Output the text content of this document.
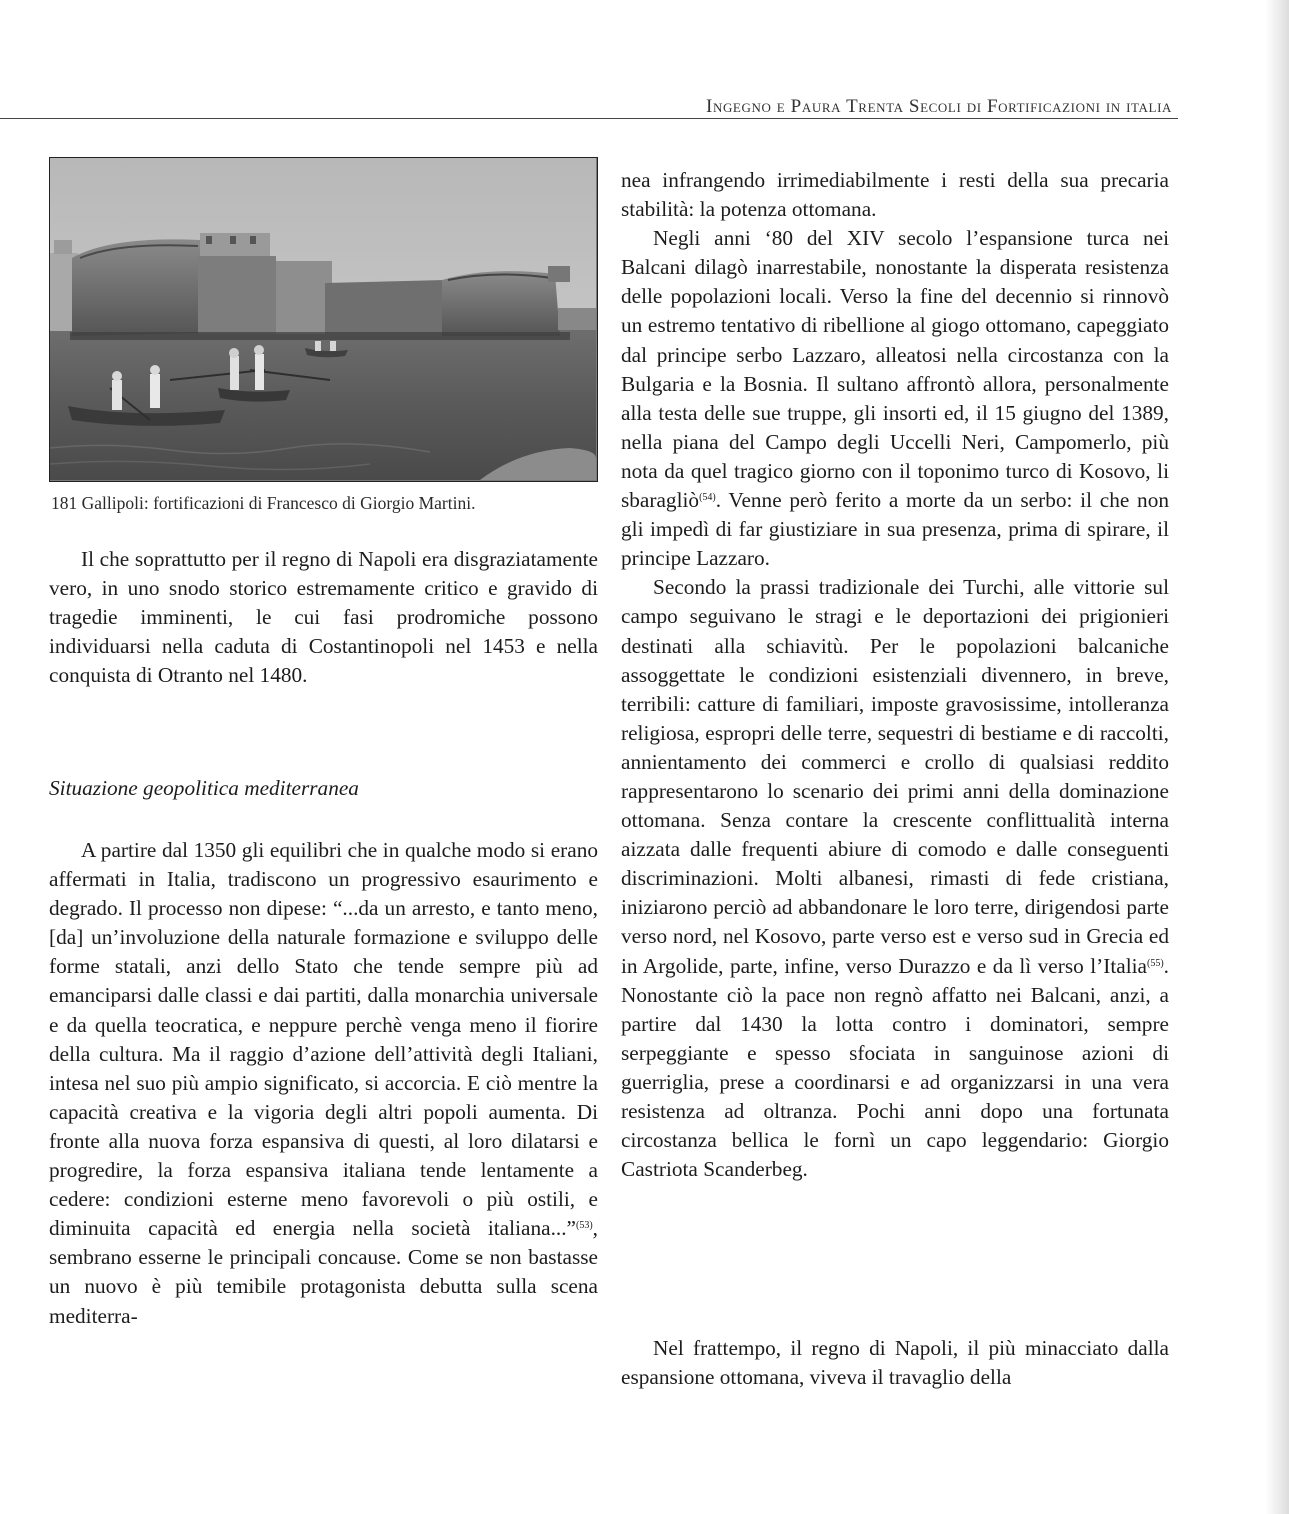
Ingegno e Paura Trenta Secoli di Fortificazioni in italia
181 Gallipoli: fortificazioni di Francesco di Giorgio Martini.

Il che soprattutto per il regno di Napoli era disgraziatamente vero, in uno snodo storico estremamente critico e gravido di tragedie imminenti, le cui fasi prodromiche possono individuarsi nella caduta di Costantinopoli nel 1453 e nella conquista di Otranto nel 1480.

Situazione geopolitica mediterranea

A partire dal 1350 gli equilibri che in qualche modo si erano affermati in Italia, tradiscono un progressivo esaurimento e degrado. Il processo non dipese: “...da un arresto, e tanto meno, [da] un’involuzione della naturale formazione e sviluppo delle forme statali, anzi dello Stato che tende sempre più ad emanciparsi dalle classi e dai partiti, dalla monarchia universale e da quella teocratica, e neppure perchè venga meno il fiorire della cultura. Ma il raggio d’azione dell’attività degli Italiani, intesa nel suo più ampio significato, si accorcia. E ciò mentre la capacità creativa e la vigoria degli altri popoli aumenta. Di fronte alla nuova forza espansiva di questi, al loro dilatarsi e progredire, la forza espansiva italiana tende lentamente a cedere: condizioni esterne meno favorevoli o più ostili, e diminuita capacità ed energia nella società italiana...”$^{(53)}$, sembrano esserne le principali concause. Come se non bastasse un nuovo è più temibile protagonista debutta sulla scena mediterra-

nea infrangendo irrimediabilmente i resti della sua precaria stabilità: la potenza ottomana.

Negli anni ‘80 del XIV secolo l’espansione turca nei Balcani dilagò inarrestabile, nonostante la disperata resistenza delle popolazioni locali. Verso la fine del decennio si rinnovò un estremo tentativo di ribellione al giogo ottomano, capeggiato dal principe serbo Lazzaro, alleatosi nella circostanza con la Bulgaria e la Bosnia. Il sultano affrontò allora, personalmente alla testa delle sue truppe, gli insorti ed, il 15 giugno del 1389, nella piana del Campo degli Uccelli Neri, Campomerlo, più nota da quel tragico giorno con il toponimo turco di Kosovo, li sbaragliò$^{(54)}$. Venne però ferito a morte da un serbo: il che non gli impedì di far giustiziare in sua presenza, prima di spirare, il principe Lazzaro.

Secondo la prassi tradizionale dei Turchi, alle vittorie sul campo seguivano le stragi e le deportazioni dei prigionieri destinati alla schiavitù. Per le popolazioni balcaniche assoggettate le condizioni esistenziali divennero, in breve, terribili: catture di familiari, imposte gravosissime, intolleranza religiosa, espropri delle terre, sequestri di bestiame e di raccolti, annientamento dei commerci e crollo di qualsiasi reddito rappresentarono lo scenario dei primi anni della dominazione ottomana. Senza contare la crescente conflittualità interna aizzata dalle frequenti abiure di comodo e dalle conseguenti discriminazioni. Molti albanesi, rimasti di fede cristiana, iniziarono perciò ad abbandonare le loro terre, dirigendosi parte verso nord, nel Kosovo, parte verso est e verso sud in Grecia ed in Argolide, parte, infine, verso Durazzo e da lì verso l’Italia$^{(55)}$. Nonostante ciò la pace non regnò affatto nei Balcani, anzi, a partire dal 1430 la lotta contro i dominatori, sempre serpeggiante e spesso sfociata in sanguinose azioni di guerriglia, prese a coordinarsi e ad organizzarsi in una vera resistenza ad oltranza. Pochi anni dopo una fortunata circostanza bellica le fornì un capo leggendario: Giorgio Castriota Scanderbeg.

Nel frattempo, il regno di Napoli, il più minacciato dalla espansione ottomana, viveva il travaglio della
